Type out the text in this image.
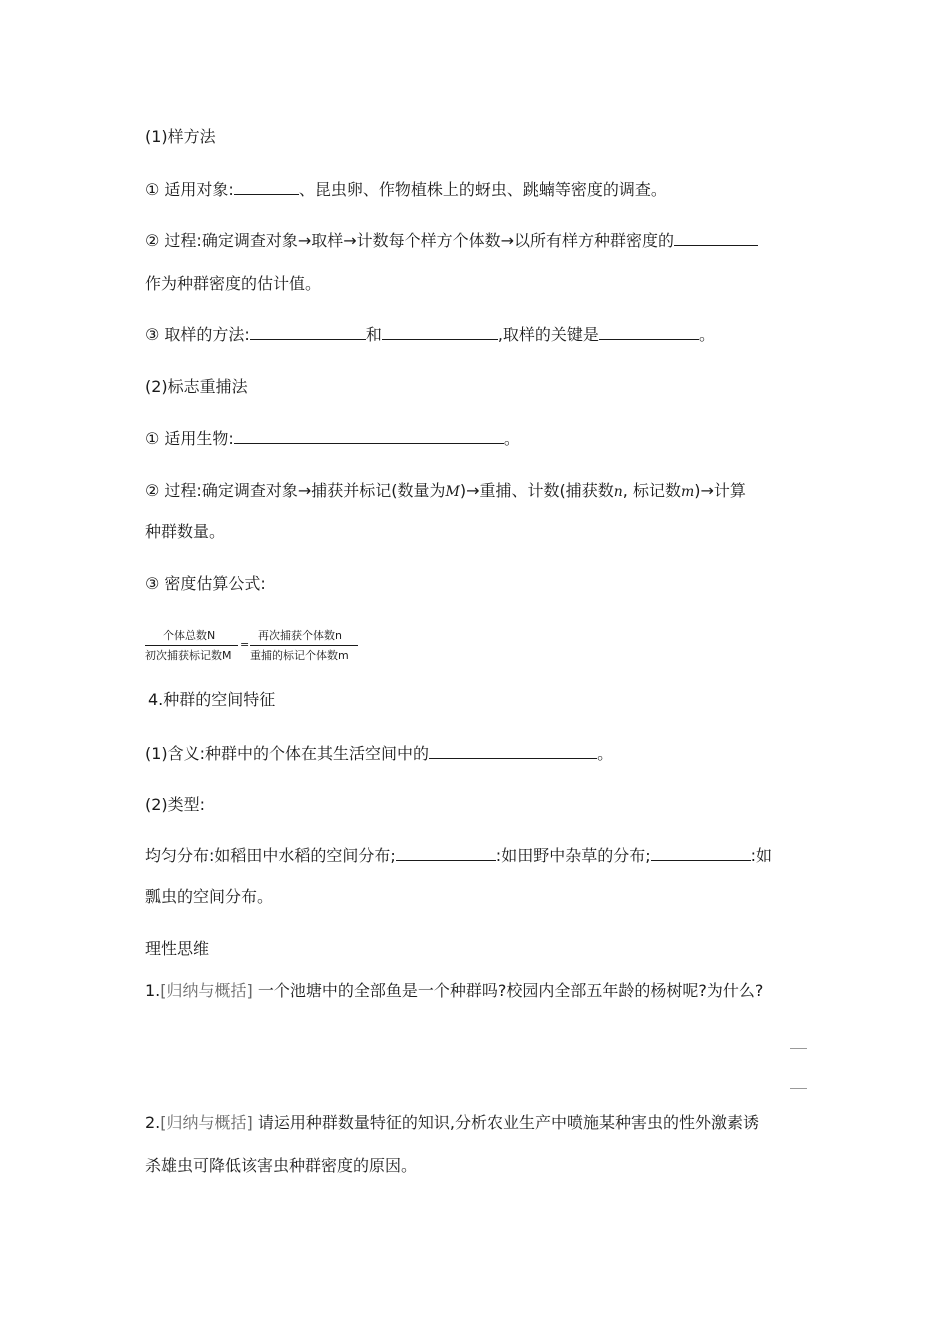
(1)样方法
① 适用对象:	、昆虫卵、作物植株上的蚜虫、跳蝻等密度的调查。
② 过程:确定调查对象→取样→计数每个样方个体数→以所有样方种群密度的
作为种群密度的估计值。
③ 取样的方法:	和	,取样的关键是	。
(2)标志重捕法
① 适用生物:	。
② 过程:确定调查对象→捕获并标记(数量为M)→重捕、计数(捕获数n, 标记数m)→计算
种群数量。
③ 密度估算公式:
个体总数N
初次捕获标记数M
=
再次捕获个体数n
重捕的标记个体数m
4.种群的空间特征
(1)含义:种群中的个体在其生活空间中的	。
(2)类型:
均匀分布:如稻田中水稻的空间分布;	:如田野中杂草的分布;	:如
瓢虫的空间分布。
理性思维
1.[归纳与概括] 一个池塘中的全部鱼是一个种群吗?校园内全部五年龄的杨树呢?为什么?
2.[归纳与概括] 请运用种群数量特征的知识,分析农业生产中喷施某种害虫的性外激素诱
杀雄虫可降低该害虫种群密度的原因。
